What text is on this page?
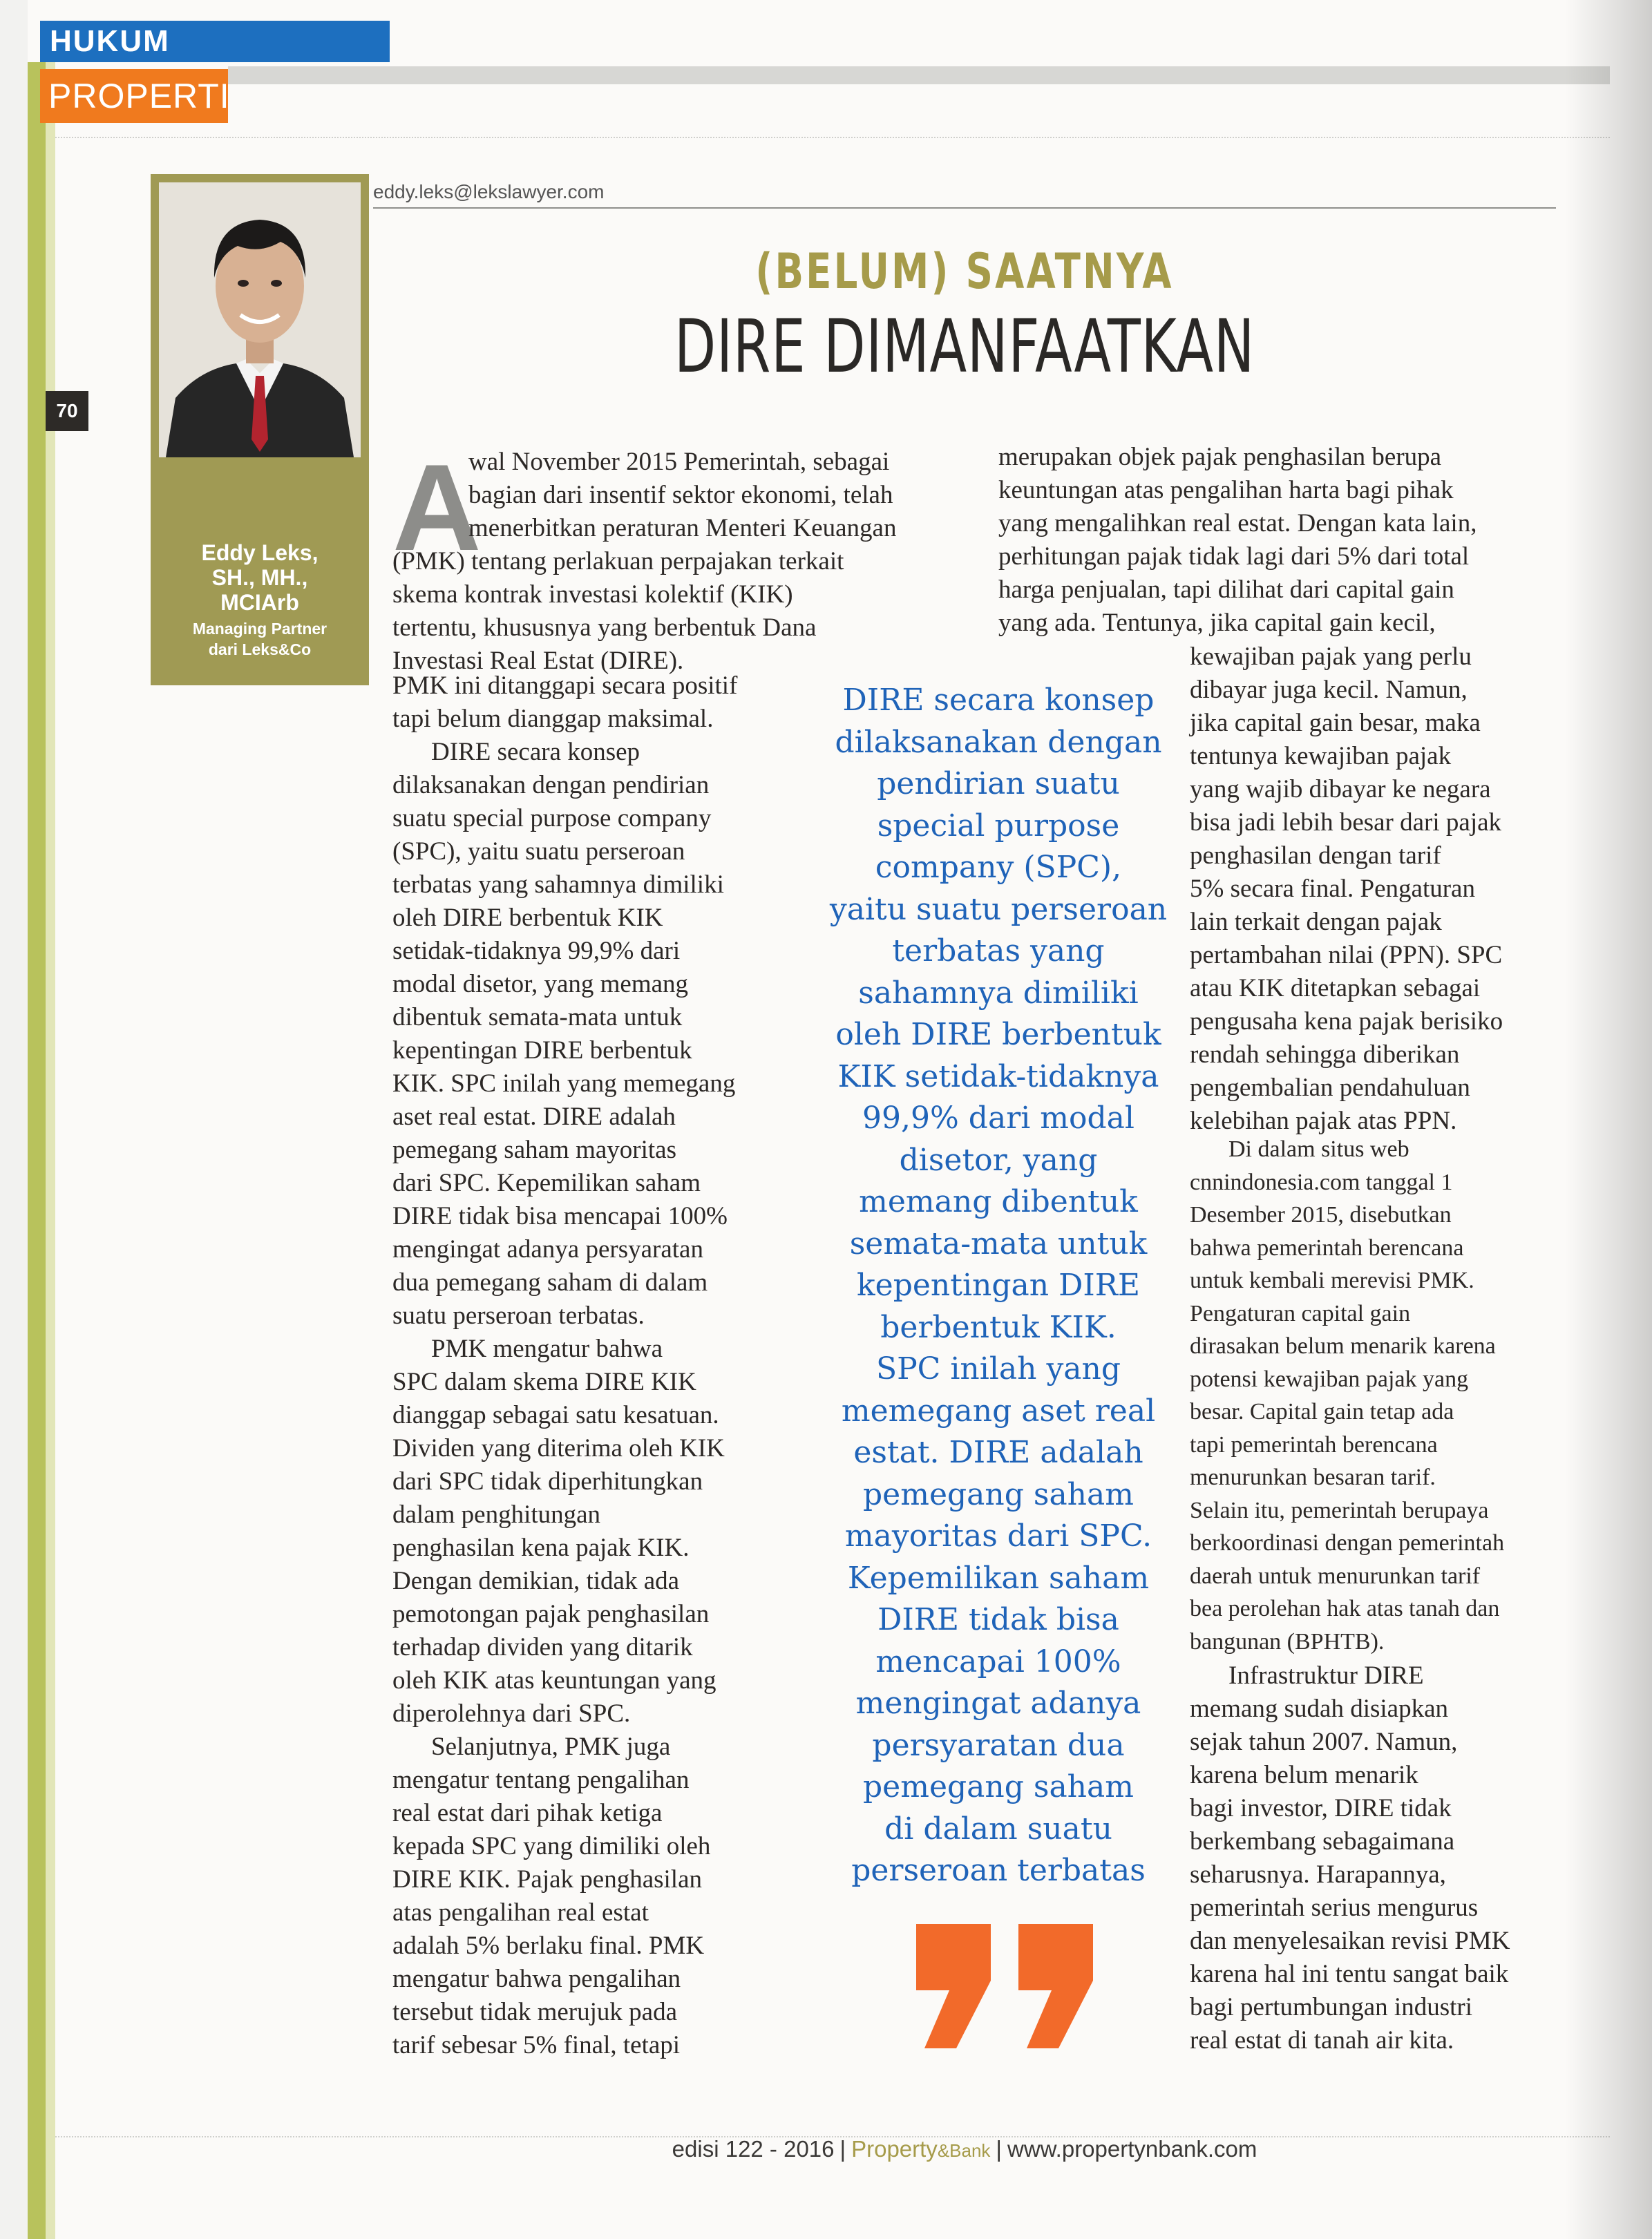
HUKUM
PROPERTI
Eddy Leks,
SH., MH.,
MCIArb
Managing Partner
dari Leks&Co
70
eddy.leks@lekslawyer.com
(BELUM) SAATNYA
DIRE DIMANFAATKAN
A

wal November 2015 Pemerintah, sebagai

bagian dari insentif sektor ekonomi, telah

menerbitkan peraturan Menteri Keuangan

(PMK) tentang perlakuan perpajakan terkait

skema kontrak investasi kolektif (KIK)

tertentu, khususnya yang berbentuk Dana

Investasi Real Estat (DIRE).

PMK ini ditanggapi secara positif

tapi belum dianggap maksimal.

DIRE secara konsep

dilaksanakan dengan pendirian

suatu special purpose company

(SPC), yaitu suatu perseroan

terbatas yang sahamnya dimiliki

oleh DIRE berbentuk KIK

setidak-tidaknya 99,9% dari

modal disetor, yang memang

dibentuk semata-mata untuk

kepentingan DIRE berbentuk

KIK. SPC inilah yang memegang

aset real estat. DIRE adalah

pemegang saham mayoritas

dari SPC. Kepemilikan saham

DIRE tidak bisa mencapai 100%

mengingat adanya persyaratan

dua pemegang saham di dalam

suatu perseroan terbatas.

PMK mengatur bahwa

SPC dalam skema DIRE KIK

dianggap sebagai satu kesatuan.

Dividen yang diterima oleh KIK

dari SPC tidak diperhitungkan

dalam penghitungan

penghasilan kena pajak KIK.

Dengan demikian, tidak ada

pemotongan pajak penghasilan

terhadap dividen yang ditarik

oleh KIK atas keuntungan yang

diperolehnya dari SPC.

Selanjutnya, PMK juga

mengatur tentang pengalihan

real estat dari pihak ketiga

kepada SPC yang dimiliki oleh

DIRE KIK. Pajak penghasilan

atas pengalihan real estat

adalah 5% berlaku final. PMK

mengatur bahwa pengalihan

tersebut tidak merujuk pada

tarif sebesar 5% final, tetapi

merupakan objek pajak penghasilan berupa

keuntungan atas pengalihan harta bagi pihak

yang mengalihkan real estat. Dengan kata lain,

perhitungan pajak tidak lagi dari 5% dari total

harga penjualan, tapi dilihat dari capital gain

yang ada. Tentunya, jika capital gain kecil,

kewajiban pajak yang perlu

dibayar juga kecil. Namun,

jika capital gain besar, maka

tentunya kewajiban pajak

yang wajib dibayar ke negara

bisa jadi lebih besar dari pajak

penghasilan dengan tarif

5% secara final. Pengaturan

lain terkait dengan pajak

pertambahan nilai (PPN). SPC

atau KIK ditetapkan sebagai

pengusaha kena pajak berisiko

rendah sehingga diberikan

pengembalian pendahuluan

kelebihan pajak atas PPN.

Di dalam situs web

cnnindonesia.com tanggal 1

Desember 2015, disebutkan

bahwa pemerintah berencana

untuk kembali merevisi PMK.

Pengaturan capital gain

dirasakan belum menarik karena

potensi kewajiban pajak yang

besar. Capital gain tetap ada

tapi pemerintah berencana

menurunkan besaran tarif.

Selain itu, pemerintah berupaya

berkoordinasi dengan pemerintah

daerah untuk menurunkan tarif

bea perolehan hak atas tanah dan

bangunan (BPHTB).

Infrastruktur DIRE

memang sudah disiapkan

sejak tahun 2007. Namun,

karena belum menarik

bagi investor, DIRE tidak

berkembang sebagaimana

seharusnya. Harapannya,

pemerintah serius mengurus

dan menyelesaikan revisi PMK

karena hal ini tentu sangat baik

bagi pertumbungan industri

real estat di tanah air kita.

DIRE secara konsep
dilaksanakan dengan
pendirian suatu
special purpose
company (SPC),
yaitu suatu perseroan
terbatas yang
sahamnya dimiliki
oleh DIRE berbentuk
KIK setidak-tidaknya
99,9% dari modal
disetor, yang
memang dibentuk
semata-mata untuk
kepentingan DIRE
berbentuk KIK.
SPC inilah yang
memegang aset real
estat. DIRE adalah
pemegang saham
mayoritas dari SPC.
Kepemilikan saham
DIRE tidak bisa
mencapai 100%
mengingat adanya
persyaratan dua
pemegang saham
di dalam suatu
perseroan terbatas
edisi 122 - 2016 | Property&Bank | www.propertynbank.com
